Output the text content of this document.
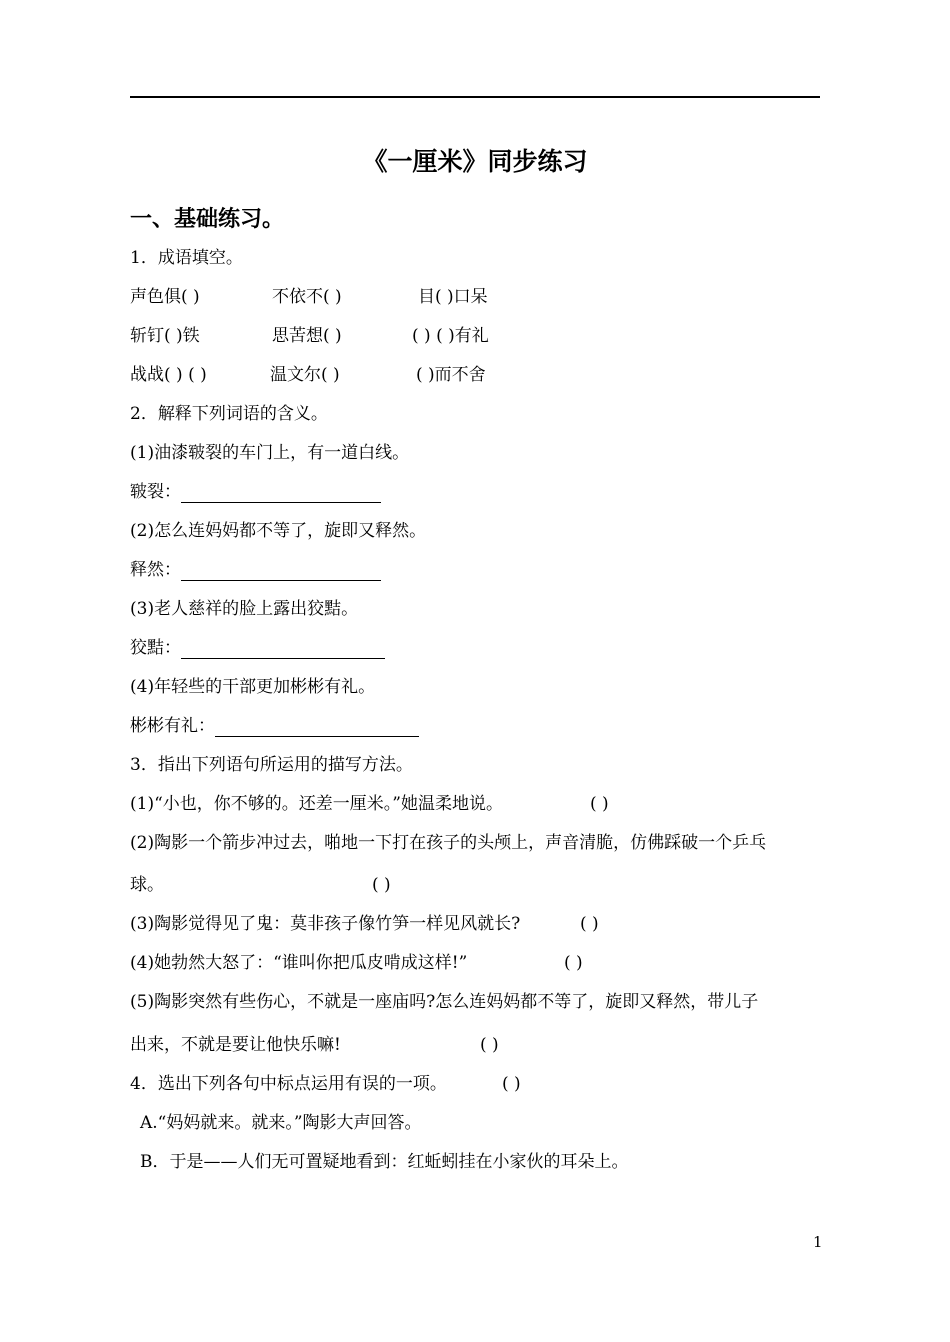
《一厘米》同步练习
一、基础练习。
1．成语填空。
声色俱( )	不依不( )	目( )口呆
斩钉( )铁	思苦想( )	( ) ( )有礼
战战( ) ( )	温文尔( )	( )而不舍
2．解释下列词语的含义。
(1)油漆皲裂的车门上，有一道白线。
皲裂：
(2)怎么连妈妈都不等了，旋即又释然。
释然：
(3)老人慈祥的脸上露出狡黠。
狡黠：
(4)年轻些的干部更加彬彬有礼。
彬彬有礼：
3．指出下列语句所运用的描写方法。
(1)“小也，你不够的。还差一厘米。”她温柔地说。	( )
(2)陶影一个箭步冲过去，啪地一下打在孩子的头颅上，声音清脆，仿佛踩破一个乒乓
球。	( )
(3)陶影觉得见了鬼：莫非孩子像竹笋一样见风就长?	( )
(4)她勃然大怒了：“谁叫你把瓜皮啃成这样!”	( )
(5)陶影突然有些伤心，不就是一座庙吗?怎么连妈妈都不等了，旋即又释然，带儿子
出来，不就是要让他快乐嘛!	( )
4．选出下列各句中标点运用有误的一项。	( )
A.“妈妈就来。就来。”陶影大声回答。
B．于是——人们无可置疑地看到：红蚯蚓挂在小家伙的耳朵上。
1
